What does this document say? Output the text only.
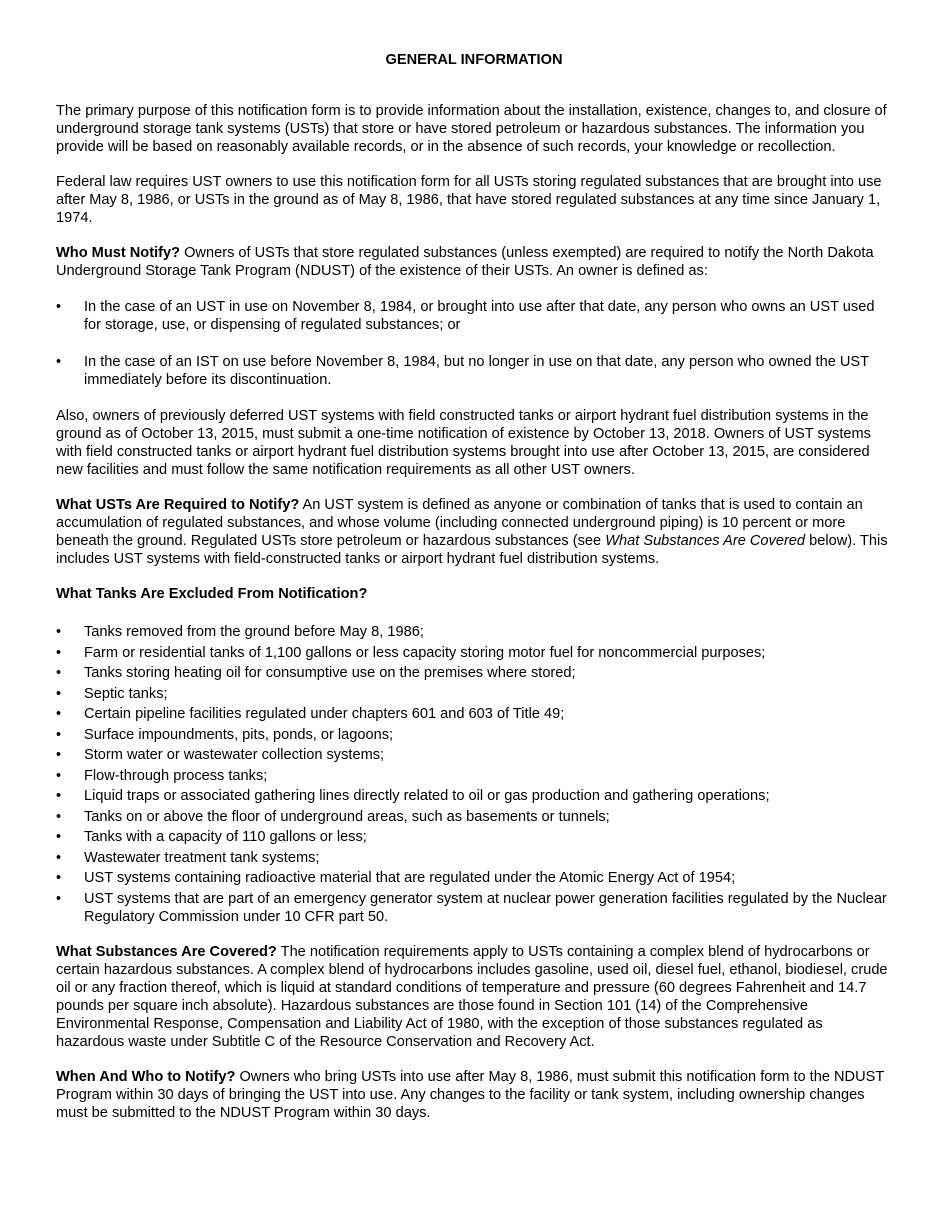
GENERAL INFORMATION

The primary purpose of this notification form is to provide information about the installation, existence, changes to, and closure of underground storage tank systems (USTs) that store or have stored petroleum or hazardous substances. The information you provide will be based on reasonably available records, or in the absence of such records, your knowledge or recollection.

Federal law requires UST owners to use this notification form for all USTs storing regulated substances that are brought into use after May 8, 1986, or USTs in the ground as of May 8, 1986, that have stored regulated substances at any time since January 1, 1974.

Who Must Notify? Owners of USTs that store regulated substances (unless exempted) are required to notify the North Dakota Underground Storage Tank Program (NDUST) of the existence of their USTs. An owner is defined as:

•	In the case of an UST in use on November 8, 1984, or brought into use after that date, any person who owns an UST used for storage, use, or dispensing of regulated substances; or
•	In the case of an IST on use before November 8, 1984, but no longer in use on that date, any person who owned the UST immediately before its discontinuation.

Also, owners of previously deferred UST systems with field constructed tanks or airport hydrant fuel distribution systems in the ground as of October 13, 2015, must submit a one-time notification of existence by October 13, 2018. Owners of UST systems with field constructed tanks or airport hydrant fuel distribution systems brought into use after October 13, 2015, are considered new facilities and must follow the same notification requirements as all other UST owners.

What USTs Are Required to Notify? An UST system is defined as anyone or combination of tanks that is used to contain an accumulation of regulated substances, and whose volume (including connected underground piping) is 10 percent or more beneath the ground. Regulated USTs store petroleum or hazardous substances (see What Substances Are Covered below). This includes UST systems with field-constructed tanks or airport hydrant fuel distribution systems.

What Tanks Are Excluded From Notification?
•	Tanks removed from the ground before May 8, 1986;
•	Farm or residential tanks of 1,100 gallons or less capacity storing motor fuel for noncommercial purposes;
•	Tanks storing heating oil for consumptive use on the premises where stored;
•	Septic tanks;
•	Certain pipeline facilities regulated under chapters 601 and 603 of Title 49;
•	Surface impoundments, pits, ponds, or lagoons;
•	Storm water or wastewater collection systems;
•	Flow-through process tanks;
•	Liquid traps or associated gathering lines directly related to oil or gas production and gathering operations;
•	Tanks on or above the floor of underground areas, such as basements or tunnels;
•	Tanks with a capacity of 110 gallons or less;
•	Wastewater treatment tank systems;
•	UST systems containing radioactive material that are regulated under the Atomic Energy Act of 1954;
•	UST systems that are part of an emergency generator system at nuclear power generation facilities regulated by the Nuclear Regulatory Commission under 10 CFR part 50.

What Substances Are Covered? The notification requirements apply to USTs containing a complex blend of hydrocarbons or certain hazardous substances. A complex blend of hydrocarbons includes gasoline, used oil, diesel fuel, ethanol, biodiesel, crude oil or any fraction thereof, which is liquid at standard conditions of temperature and pressure (60 degrees Fahrenheit and 14.7 pounds per square inch absolute). Hazardous substances are those found in Section 101 (14) of the Comprehensive Environmental Response, Compensation and Liability Act of 1980, with the exception of those substances regulated as hazardous waste under Subtitle C of the Resource Conservation and Recovery Act.

When And Who to Notify? Owners who bring USTs into use after May 8, 1986, must submit this notification form to the NDUST Program within 30 days of bringing the UST into use. Any changes to the facility or tank system, including ownership changes must be submitted to the NDUST Program within 30 days.
